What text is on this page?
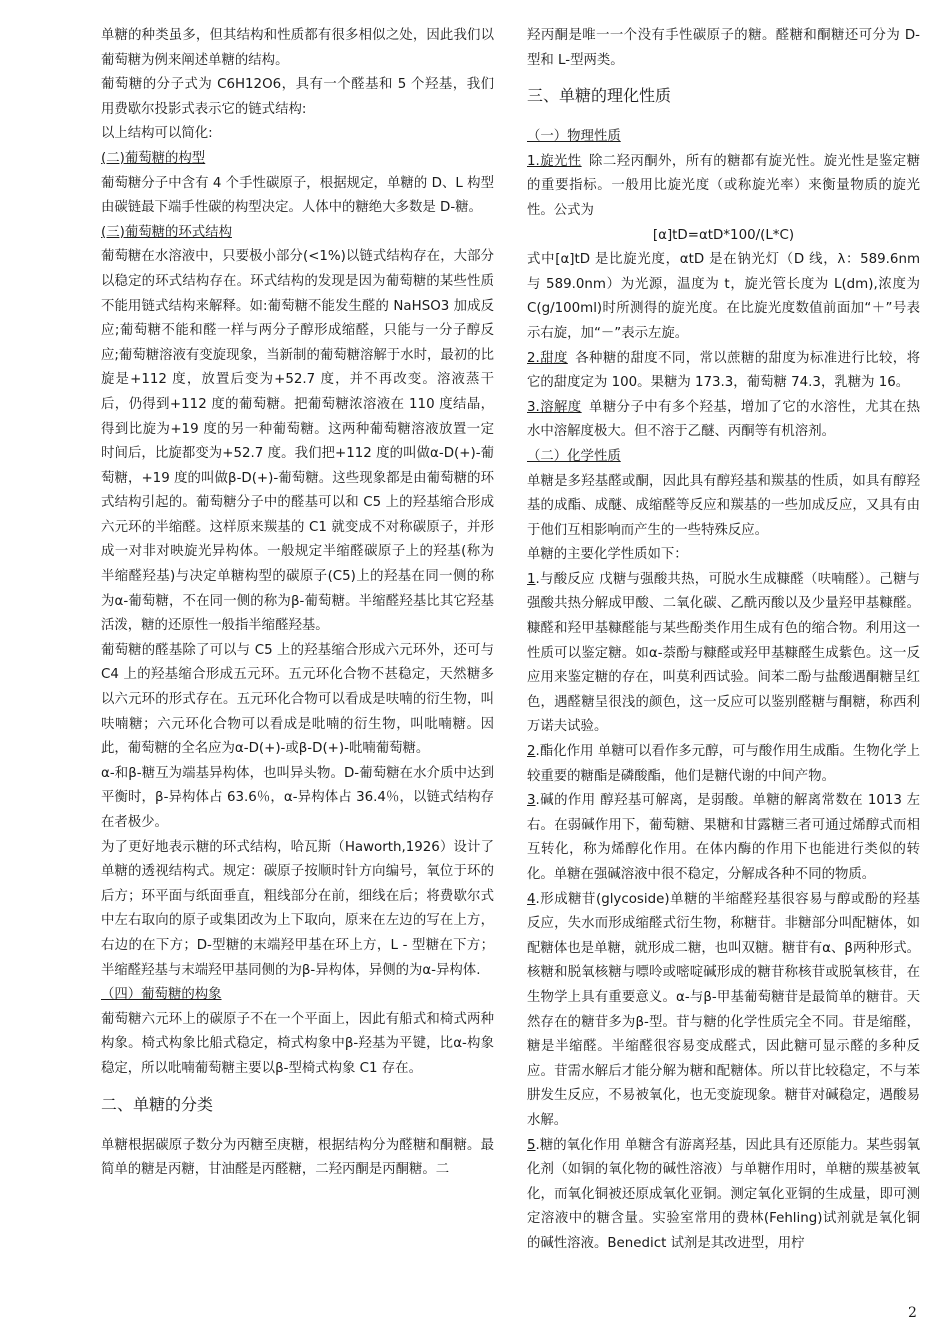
单糖的种类虽多，但其结构和性质都有很多相似之处，因此我们以葡萄糖为例来阐述单糖的结构。

葡萄糖的分子式为 C6H12O6，具有一个醛基和 5 个羟基，我们用费歇尔投影式表示它的链式结构:

以上结构可以简化:

(二)葡萄糖的构型

葡萄糖分子中含有 4 个手性碳原子，根据规定，单糖的 D、L 构型由碳链最下端手性碳的构型决定。人体中的糖绝大多数是 D-糖。

(三)葡萄糖的环式结构

葡萄糖在水溶液中，只要极小部分(<1%)以链式结构存在，大部分以稳定的环式结构存在。环式结构的发现是因为葡萄糖的某些性质不能用链式结构来解释。如:葡萄糖不能发生醛的 NaHSO3 加成反应;葡萄糖不能和醛一样与两分子醇形成缩醛，只能与一分子醇反应;葡萄糖溶液有变旋现象，当新制的葡萄糖溶解于水时，最初的比旋是+112 度，放置后变为+52.7 度，并不再改变。溶液蒸干后，仍得到+112 度的葡萄糖。把葡萄糖浓溶液在 110 度结晶，得到比旋为+19 度的另一种葡萄糖。这两种葡萄糖溶液放置一定时间后，比旋都变为+52.7 度。我们把+112 度的叫做α-D(+)-葡萄糖，+19 度的叫做β-D(+)-葡萄糖。这些现象都是由葡萄糖的环式结构引起的。葡萄糖分子中的醛基可以和 C5 上的羟基缩合形成六元环的半缩醛。这样原来羰基的 C1 就变成不对称碳原子，并形成一对非对映旋光异构体。一般规定半缩醛碳原子上的羟基(称为半缩醛羟基)与决定单糖构型的碳原子(C5)上的羟基在同一侧的称为α-葡萄糖，不在同一侧的称为β-葡萄糖。半缩醛羟基比其它羟基活泼，糖的还原性一般指半缩醛羟基。

葡萄糖的醛基除了可以与 C5 上的羟基缩合形成六元环外，还可与 C4 上的羟基缩合形成五元环。五元环化合物不甚稳定，天然糖多以六元环的形式存在。五元环化合物可以看成是呋喃的衍生物，叫呋喃糖；六元环化合物可以看成是吡喃的衍生物，叫吡喃糖。因此，葡萄糖的全名应为α-D(+)-或β-D(+)-吡喃葡萄糖。

α-和β-糖互为端基异构体，也叫异头物。D-葡萄糖在水介质中达到平衡时，β-异构体占 63.6％，α-异构体占 36.4％，以链式结构存在者极少。

为了更好地表示糖的环式结构，哈瓦斯（Haworth,1926）设计了单糖的透视结构式。规定：碳原子按顺时针方向编号，氧位于环的后方；环平面与纸面垂直，粗线部分在前，细线在后；将费歇尔式中左右取向的原子或集团改为上下取向，原来在左边的写在上方，右边的在下方；D-型糖的末端羟甲基在环上方，L - 型糖在下方；半缩醛羟基与末端羟甲基同侧的为β-异构体，异侧的为α-异构体.

（四）葡萄糖的构象

葡萄糖六元环上的碳原子不在一个平面上，因此有船式和椅式两种构象。椅式构象比船式稳定，椅式构象中β-羟基为平键，比α-构象稳定，所以吡喃葡萄糖主要以β-型椅式构象 C1 存在。

二、单糖的分类

单糖根据碳原子数分为丙糖至庚糖，根据结构分为醛糖和酮糖。最简单的糖是丙糖，甘油醛是丙醛糖，二羟丙酮是丙酮糖。二

羟丙酮是唯一一个没有手性碳原子的糖。醛糖和酮糖还可分为 D-型和 L-型两类。

三、单糖的理化性质

（一）物理性质

1.旋光性 除二羟丙酮外，所有的糖都有旋光性。旋光性是鉴定糖的重要指标。一般用比旋光度（或称旋光率）来衡量物质的旋光性。公式为

[α]tD=αtD*100/(L*C)

式中[α]tD 是比旋光度，αtD 是在钠光灯（D 线，λ：589.6nm 与 589.0nm）为光源，温度为 t，旋光管长度为 L(dm),浓度为 C(g/100ml)时所测得的旋光度。在比旋光度数值前面加“＋”号表示右旋，加“－”表示左旋。

2.甜度 各种糖的甜度不同，常以蔗糖的甜度为标准进行比较，将它的甜度定为 100。果糖为 173.3，葡萄糖 74.3，乳糖为 16。

3.溶解度 单糖分子中有多个羟基，增加了它的水溶性，尤其在热水中溶解度极大。但不溶于乙醚、丙酮等有机溶剂。

（二）化学性质

单糖是多羟基醛或酮，因此具有醇羟基和羰基的性质，如具有醇羟基的成酯、成醚、成缩醛等反应和羰基的一些加成反应，又具有由于他们互相影响而产生的一些特殊反应。

单糖的主要化学性质如下：

1.与酸反应 戊糖与强酸共热，可脱水生成糠醛（呋喃醛）。己糖与强酸共热分解成甲酸、二氧化碳、乙酰丙酸以及少量羟甲基糠醛。糠醛和羟甲基糠醛能与某些酚类作用生成有色的缩合物。利用这一性质可以鉴定糖。如α-萘酚与糠醛或羟甲基糠醛生成紫色。这一反应用来鉴定糖的存在，叫莫利西试验。间苯二酚与盐酸遇酮糖呈红色，遇醛糖呈很浅的颜色，这一反应可以鉴别醛糖与酮糖，称西利万诺夫试验。

2.酯化作用 单糖可以看作多元醇，可与酸作用生成酯。生物化学上较重要的糖酯是磷酸酯，他们是糖代谢的中间产物。

3.碱的作用 醇羟基可解离，是弱酸。单糖的解离常数在 1013 左右。在弱碱作用下，葡萄糖、果糖和甘露糖三者可通过烯醇式而相互转化，称为烯醇化作用。在体内酶的作用下也能进行类似的转化。单糖在强碱溶液中很不稳定，分解成各种不同的物质。

4.形成糖苷(glycoside)单糖的半缩醛羟基很容易与醇或酚的羟基反应，失水而形成缩醛式衍生物，称糖苷。非糖部分叫配糖体，如配糖体也是单糖，就形成二糖，也叫双糖。糖苷有α、β两种形式。核糖和脱氧核糖与嘌呤或嘧啶碱形成的糖苷称核苷或脱氧核苷，在生物学上具有重要意义。α-与β-甲基葡萄糖苷是最简单的糖苷。天然存在的糖苷多为β-型。苷与糖的化学性质完全不同。苷是缩醛，糖是半缩醛。半缩醛很容易变成醛式，因此糖可显示醛的多种反应。苷需水解后才能分解为糖和配糖体。所以苷比较稳定，不与苯肼发生反应，不易被氧化，也无变旋现象。糖苷对碱稳定，遇酸易水解。

5.糖的氧化作用 单糖含有游离羟基，因此具有还原能力。某些弱氧化剂（如铜的氧化物的碱性溶液）与单糖作用时，单糖的羰基被氧化，而氧化铜被还原成氧化亚铜。测定氧化亚铜的生成量，即可测定溶液中的糖含量。实验室常用的费林(Fehling)试剂就是氧化铜的碱性溶液。Benedict 试剂是其改进型，用柠

2
